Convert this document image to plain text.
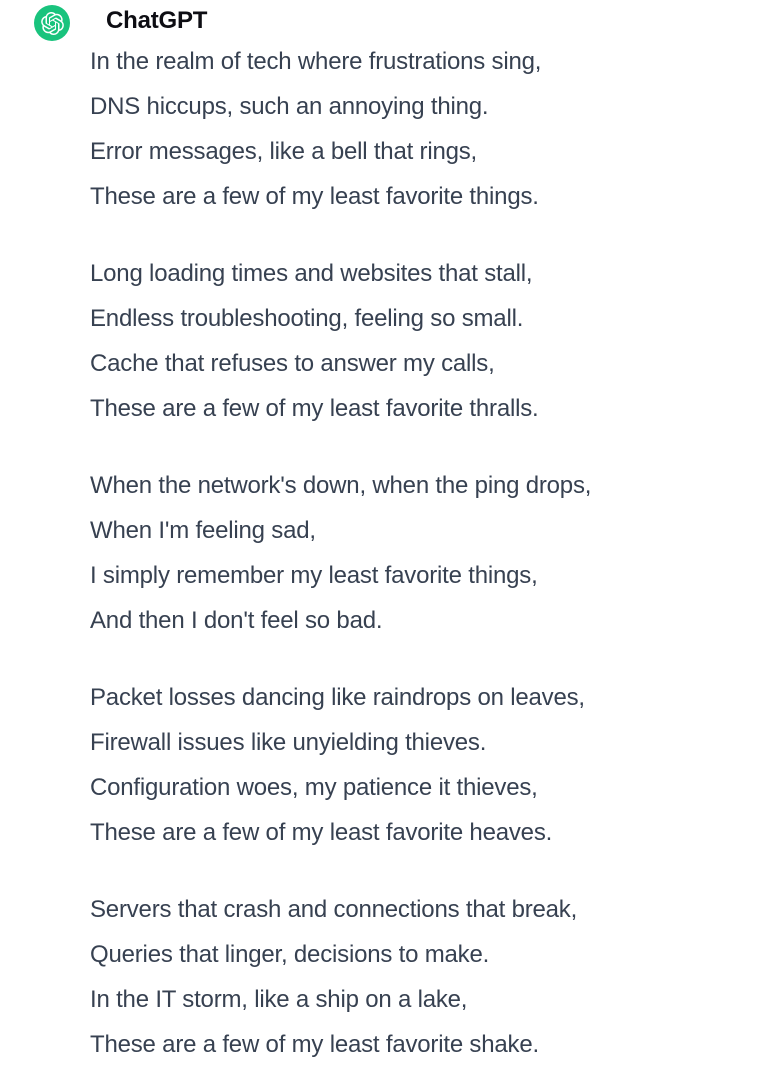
ChatGPT

In the realm of tech where frustrations sing,
DNS hiccups, such an annoying thing.
Error messages, like a bell that rings,
These are a few of my least favorite things.

Long loading times and websites that stall,
Endless troubleshooting, feeling so small.
Cache that refuses to answer my calls,
These are a few of my least favorite thralls.

When the network's down, when the ping drops,
When I'm feeling sad,
I simply remember my least favorite things,
And then I don't feel so bad.

Packet losses dancing like raindrops on leaves,
Firewall issues like unyielding thieves.
Configuration woes, my patience it thieves,
These are a few of my least favorite heaves.

Servers that crash and connections that break,
Queries that linger, decisions to make.
In the IT storm, like a ship on a lake,
These are a few of my least favorite shake.
